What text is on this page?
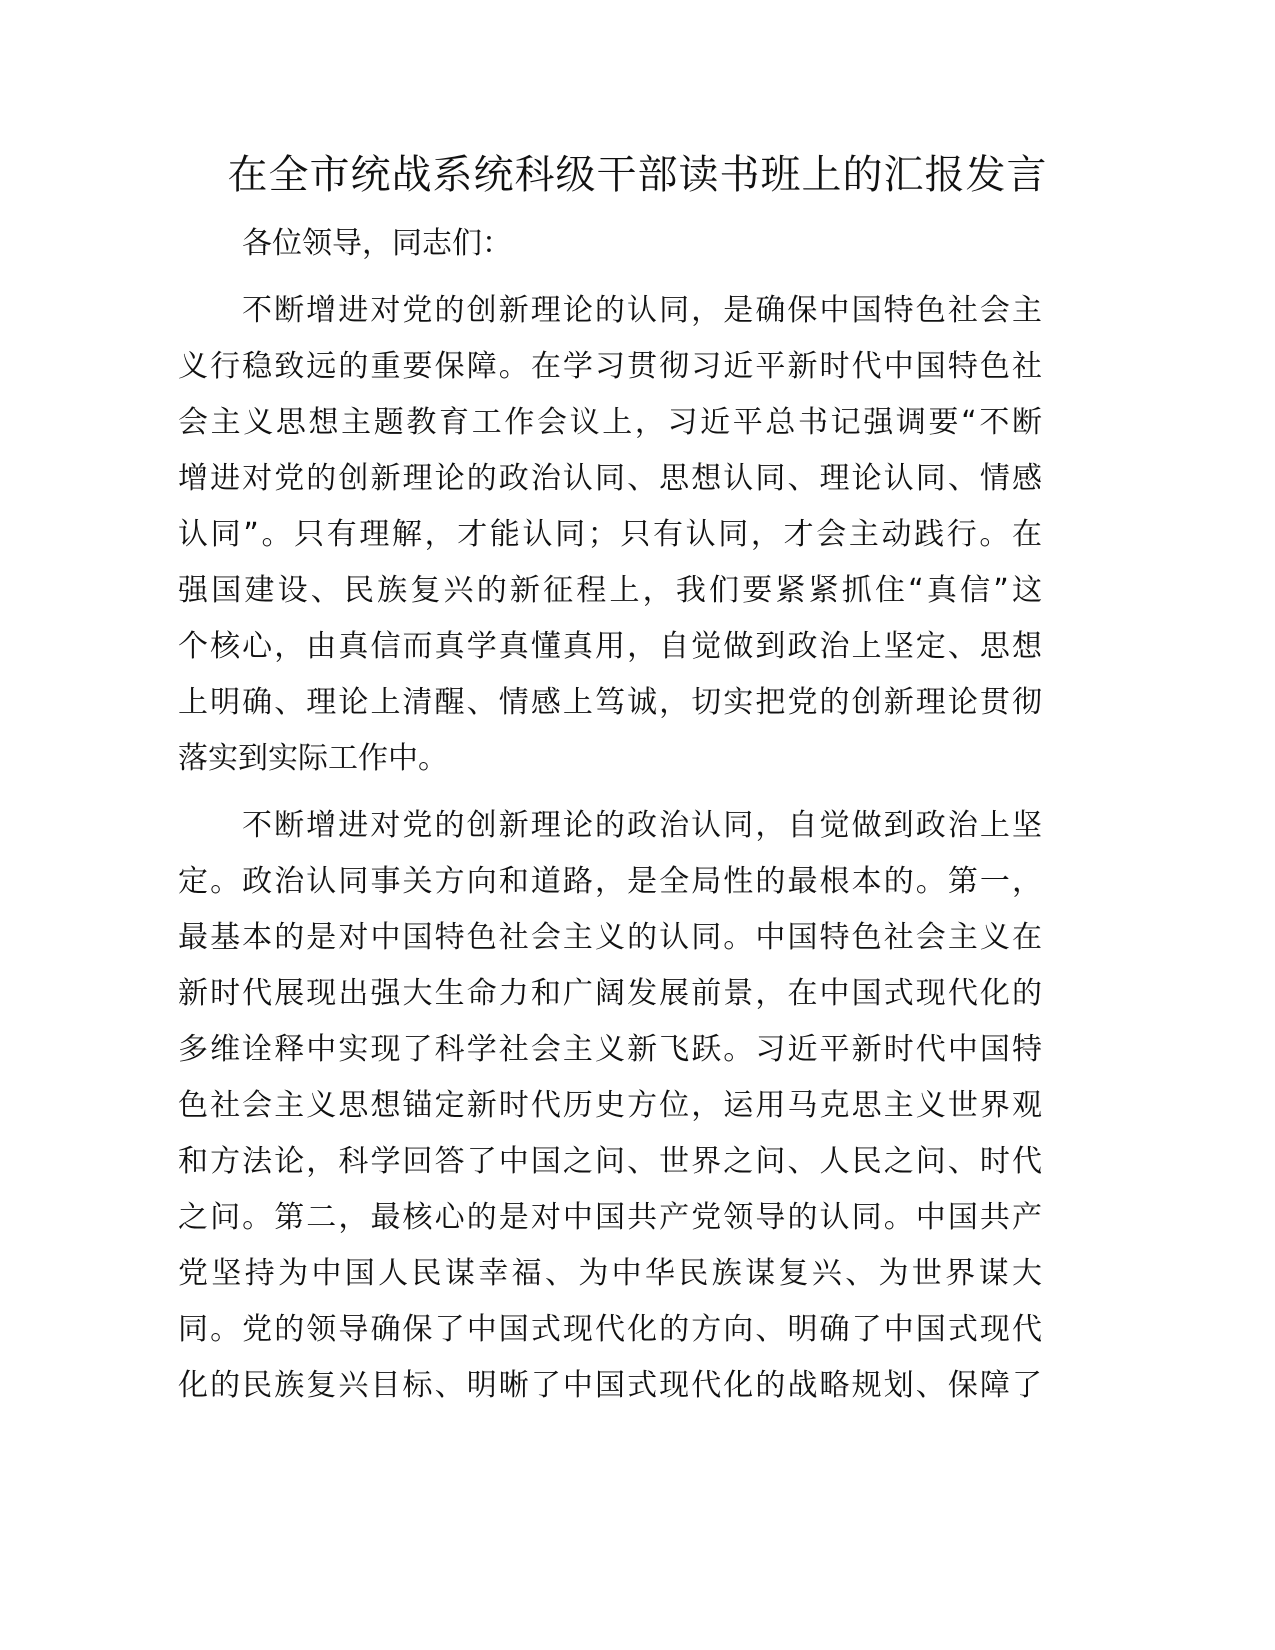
在全市统战系统科级干部读书班上的汇报发言

各位领导，同志们：

不断增进对党的创新理论的认同，是确保中国特色社会主
义行稳致远的重要保障。在学习贯彻习近平新时代中国特色社
会主义思想主题教育工作会议上，习近平总书记强调要“不断
增进对党的创新理论的政治认同、思想认同、理论认同、情感
认同”。只有理解，才能认同；只有认同，才会主动践行。在
强国建设、民族复兴的新征程上，我们要紧紧抓住“真信”这
个核心，由真信而真学真懂真用，自觉做到政治上坚定、思想
上明确、理论上清醒、情感上笃诚，切实把党的创新理论贯彻
落实到实际工作中。

不断增进对党的创新理论的政治认同，自觉做到政治上坚
定。政治认同事关方向和道路，是全局性的最根本的。第一，
最基本的是对中国特色社会主义的认同。中国特色社会主义在
新时代展现出强大生命力和广阔发展前景，在中国式现代化的
多维诠释中实现了科学社会主义新飞跃。习近平新时代中国特
色社会主义思想锚定新时代历史方位，运用马克思主义世界观
和方法论，科学回答了中国之问、世界之问、人民之问、时代
之问。第二，最核心的是对中国共产党领导的认同。中国共产
党坚持为中国人民谋幸福、为中华民族谋复兴、为世界谋大
同。党的领导确保了中国式现代化的方向、明确了中国式现代
化的民族复兴目标、明晰了中国式现代化的战略规划、保障了
